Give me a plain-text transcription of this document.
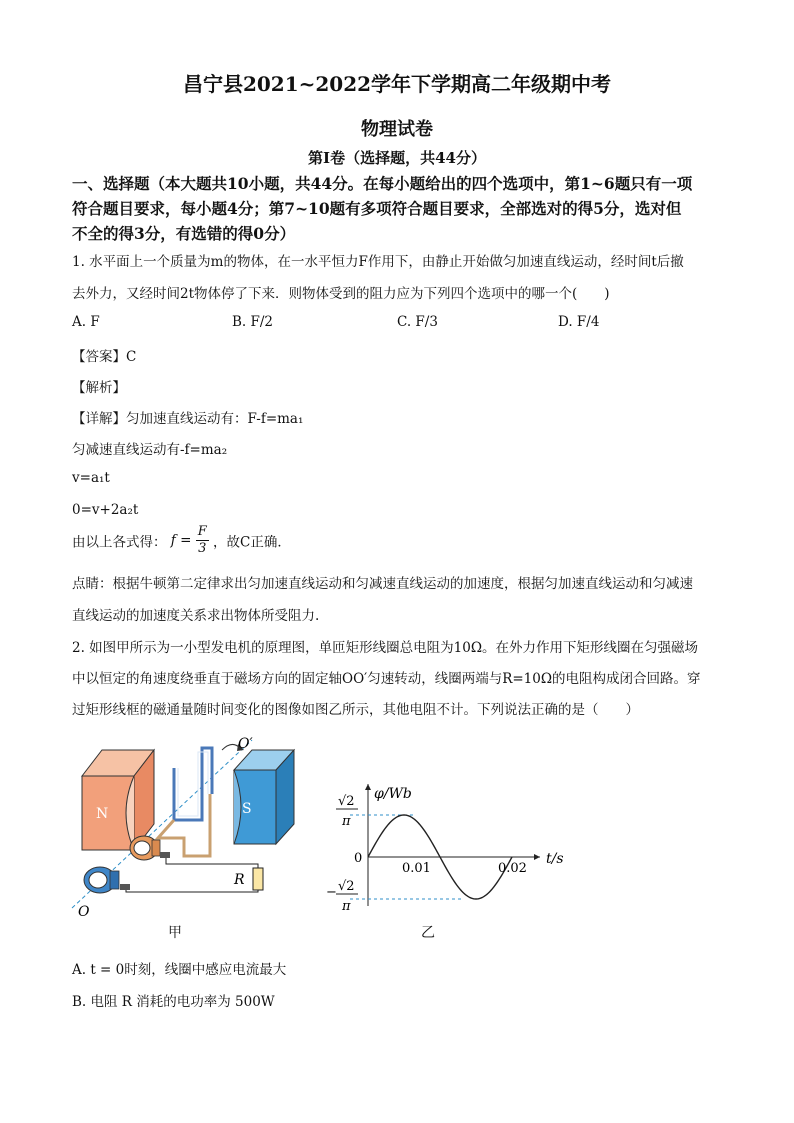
昌宁县2021~2022学年下学期高二年级期中考
物理试卷
第Ⅰ卷（选择题，共44分）
一、选择题（本大题共10小题，共44分。在每小题给出的四个选项中，第1~6题只有一项
符合题目要求，每小题4分；第7~10题有多项符合题目要求，全部选对的得5分，选对但
不全的得3分，有选错的得0分）
1. 水平面上一个质量为m的物体，在一水平恒力F作用下，由静止开始做匀加速直线运动，经时间t后撤
去外力，又经时间2t物体停了下来．则物体受到的阻力应为下列四个选项中的哪一个(　　)
A. F	B. F/2	C. F/3	D. F/4
【答案】C
【解析】
【详解】匀加速直线运动有：F-f=ma₁
匀减速直线运动有-f=ma₂
v=a₁t
0=v+2a₂t
由以上各式得： $f = \frac{F}{3}$ ，故C正确．
点睛：根据牛顿第二定律求出匀加速直线运动和匀减速直线运动的加速度，根据匀加速直线运动和匀减速
直线运动的加速度关系求出物体所受阻力.
2. 如图甲所示为一小型发电机的原理图，单匝矩形线圈总电阻为10Ω。在外力作用下矩形线圈在匀强磁场
中以恒定的角速度绕垂直于磁场方向的固定轴OO′匀速转动，线圈两端与R=10Ω的电阻构成闭合回路。穿
过矩形线框的磁通量随时间变化的图像如图乙所示，其他电阻不计。下列说法正确的是（　　）
N	S
R
O′
O
甲
φ/Wb
t/s
0
0.01	0.02
√2
π
− √2
π
乙
A. t = 0时刻，线圈中感应电流最大
B. 电阻 R 消耗的电功率为 500W
